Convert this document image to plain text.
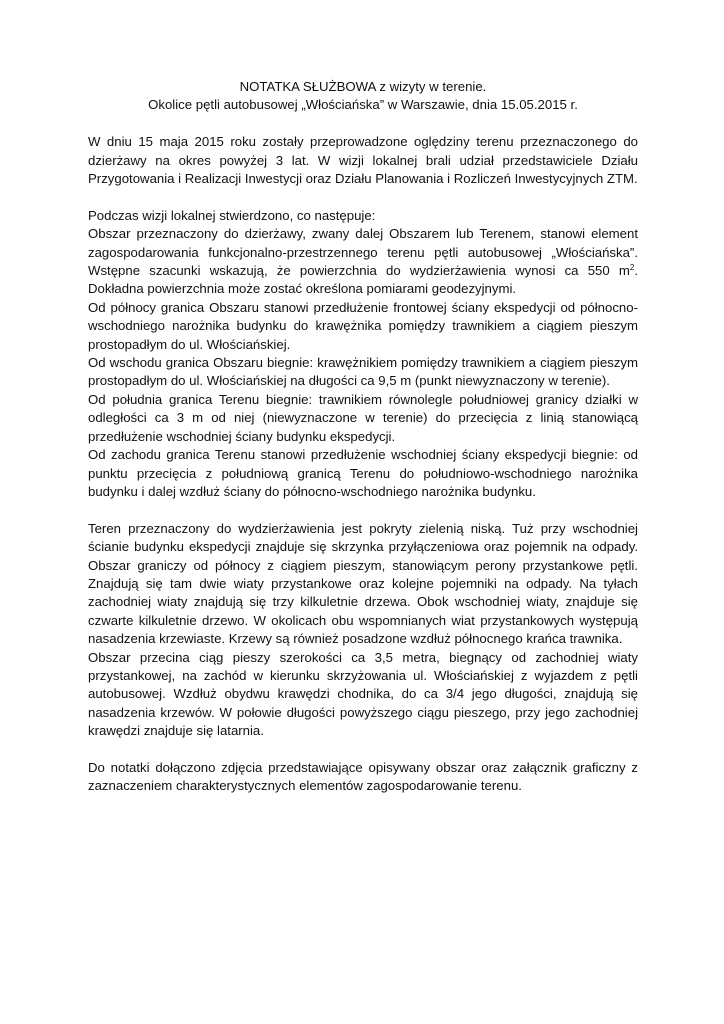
NOTATKA SŁUŻBOWA z wizyty w terenie.

Okolice pętli autobusowej „Włościańska” w Warszawie, dnia 15.05.2015 r.

W dniu 15 maja 2015 roku zostały przeprowadzone oględziny terenu przeznaczonego do dzierżawy na okres powyżej 3 lat. W wizji lokalnej brali udział przedstawiciele Działu Przygotowania i Realizacji Inwestycji oraz Działu Planowania i Rozliczeń Inwestycyjnych ZTM.

Podczas wizji lokalnej stwierdzono, co następuje:

Obszar przeznaczony do dzierżawy, zwany dalej Obszarem lub Terenem, stanowi element zagospodarowania funkcjonalno-przestrzennego terenu pętli autobusowej „Włościańska”. Wstępne szacunki wskazują, że powierzchnia do wydzierżawienia wynosi ca 550 $m^2$. Dokładna powierzchnia może zostać określona pomiarami geodezyjnymi.

Od północy granica Obszaru stanowi przedłużenie frontowej ściany ekspedycji od północno-wschodniego narożnika budynku do krawężnika pomiędzy trawnikiem a ciągiem pieszym prostopadłym do ul. Włościańskiej.

Od wschodu granica Obszaru biegnie: krawężnikiem pomiędzy trawnikiem a ciągiem pieszym prostopadłym do ul. Włościańskiej na długości ca 9,5 m (punkt niewyznaczony w terenie).

Od południa granica Terenu biegnie: trawnikiem równolegle południowej granicy działki w odległości ca 3 m od niej (niewyznaczone w terenie) do przecięcia z linią stanowiącą przedłużenie wschodniej ściany budynku ekspedycji.

Od zachodu granica Terenu stanowi przedłużenie wschodniej ściany ekspedycji biegnie: od punktu przecięcia z południową granicą Terenu do południowo-wschodniego narożnika budynku i dalej wzdłuż ściany do północno-wschodniego narożnika budynku.

Teren przeznaczony do wydzierżawienia jest pokryty zielenią niską. Tuż przy wschodniej ścianie budynku ekspedycji znajduje się skrzynka przyłączeniowa oraz pojemnik na odpady. Obszar graniczy od północy z ciągiem pieszym, stanowiącym perony przystankowe pętli. Znajdują się tam dwie wiaty przystankowe oraz kolejne pojemniki na odpady. Na tyłach zachodniej wiaty znajdują się trzy kilkuletnie drzewa. Obok wschodniej wiaty, znajduje się czwarte kilkuletnie drzewo. W okolicach obu wspomnianych wiat przystankowych występują nasadzenia krzewiaste. Krzewy są również posadzone wzdłuż północnego krańca trawnika.

Obszar przecina ciąg pieszy szerokości ca 3,5 metra, biegnący od zachodniej wiaty przystankowej, na zachód w kierunku skrzyżowania ul. Włościańskiej z wyjazdem z pętli autobusowej. Wzdłuż obydwu krawędzi chodnika, do ca 3/4 jego długości, znajdują się nasadzenia krzewów. W połowie długości powyższego ciągu pieszego, przy jego zachodniej krawędzi znajduje się latarnia.

Do notatki dołączono zdjęcia przedstawiające opisywany obszar oraz załącznik graficzny z zaznaczeniem charakterystycznych elementów zagospodarowanie terenu.
